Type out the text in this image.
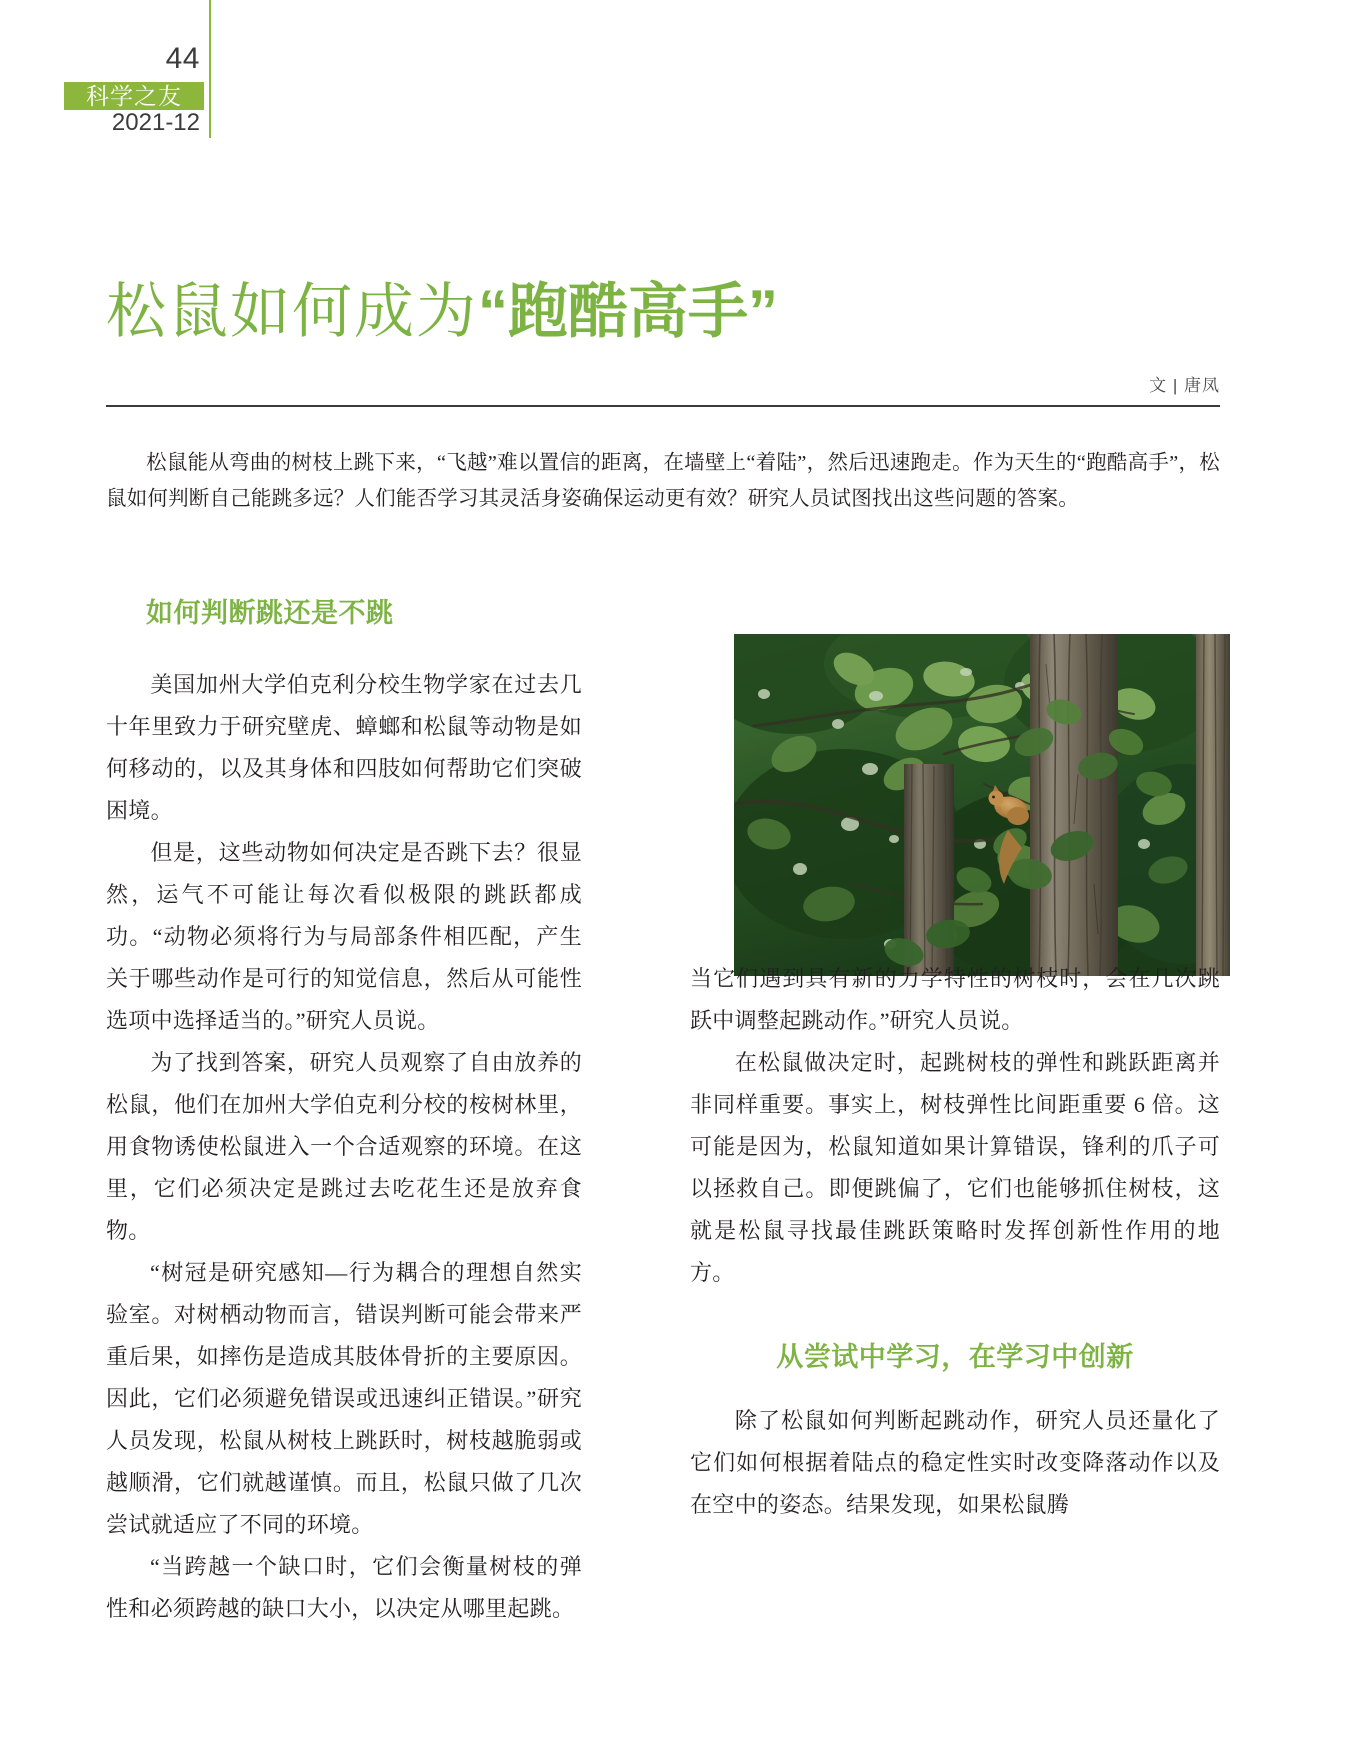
44
科学之友
2021-12
松鼠如何成为“跑酷高手”
文 | 唐凤

松鼠能从弯曲的树枝上跳下来，“飞越”难以置信的距离，在墙壁上“着陆”，然后迅速跑走。作为天生的“跑酷高手”，松鼠如何判断自己能跳多远？人们能否学习其灵活身姿确保运动更有效？研究人员试图找出这些问题的答案。

如何判断跳还是不跳

美国加州大学伯克利分校生物学家在过去几十年里致力于研究壁虎、蟑螂和松鼠等动物是如何移动的，以及其身体和四肢如何帮助它们突破困境。

但是，这些动物如何决定是否跳下去？很显然，运气不可能让每次看似极限的跳跃都成功。“动物必须将行为与局部条件相匹配，产生关于哪些动作是可行的知觉信息，然后从可能性选项中选择适当的。”研究人员说。

为了找到答案，研究人员观察了自由放养的松鼠，他们在加州大学伯克利分校的桉树林里，用食物诱使松鼠进入一个合适观察的环境。在这里，它们必须决定是跳过去吃花生还是放弃食物。

“树冠是研究感知—行为耦合的理想自然实验室。对树栖动物而言，错误判断可能会带来严重后果，如摔伤是造成其肢体骨折的主要原因。因此，它们必须避免错误或迅速纠正错误。”研究人员发现，松鼠从树枝上跳跃时，树枝越脆弱或越顺滑，它们就越谨慎。而且，松鼠只做了几次尝试就适应了不同的环境。

“当跨越一个缺口时，它们会衡量树枝的弹性和必须跨越的缺口大小，以决定从哪里起跳。

当它们遇到具有新的力学特性的树枝时，会在几次跳跃中调整起跳动作。”研究人员说。

在松鼠做决定时，起跳树枝的弹性和跳跃距离并非同样重要。事实上，树枝弹性比间距重要 6 倍。这可能是因为，松鼠知道如果计算错误，锋利的爪子可以拯救自己。即便跳偏了，它们也能够抓住树枝，这就是松鼠寻找最佳跳跃策略时发挥创新性作用的地方。

从尝试中学习，在学习中创新

除了松鼠如何判断起跳动作，研究人员还量化了它们如何根据着陆点的稳定性实时改变降落动作以及在空中的姿态。结果发现，如果松鼠腾
